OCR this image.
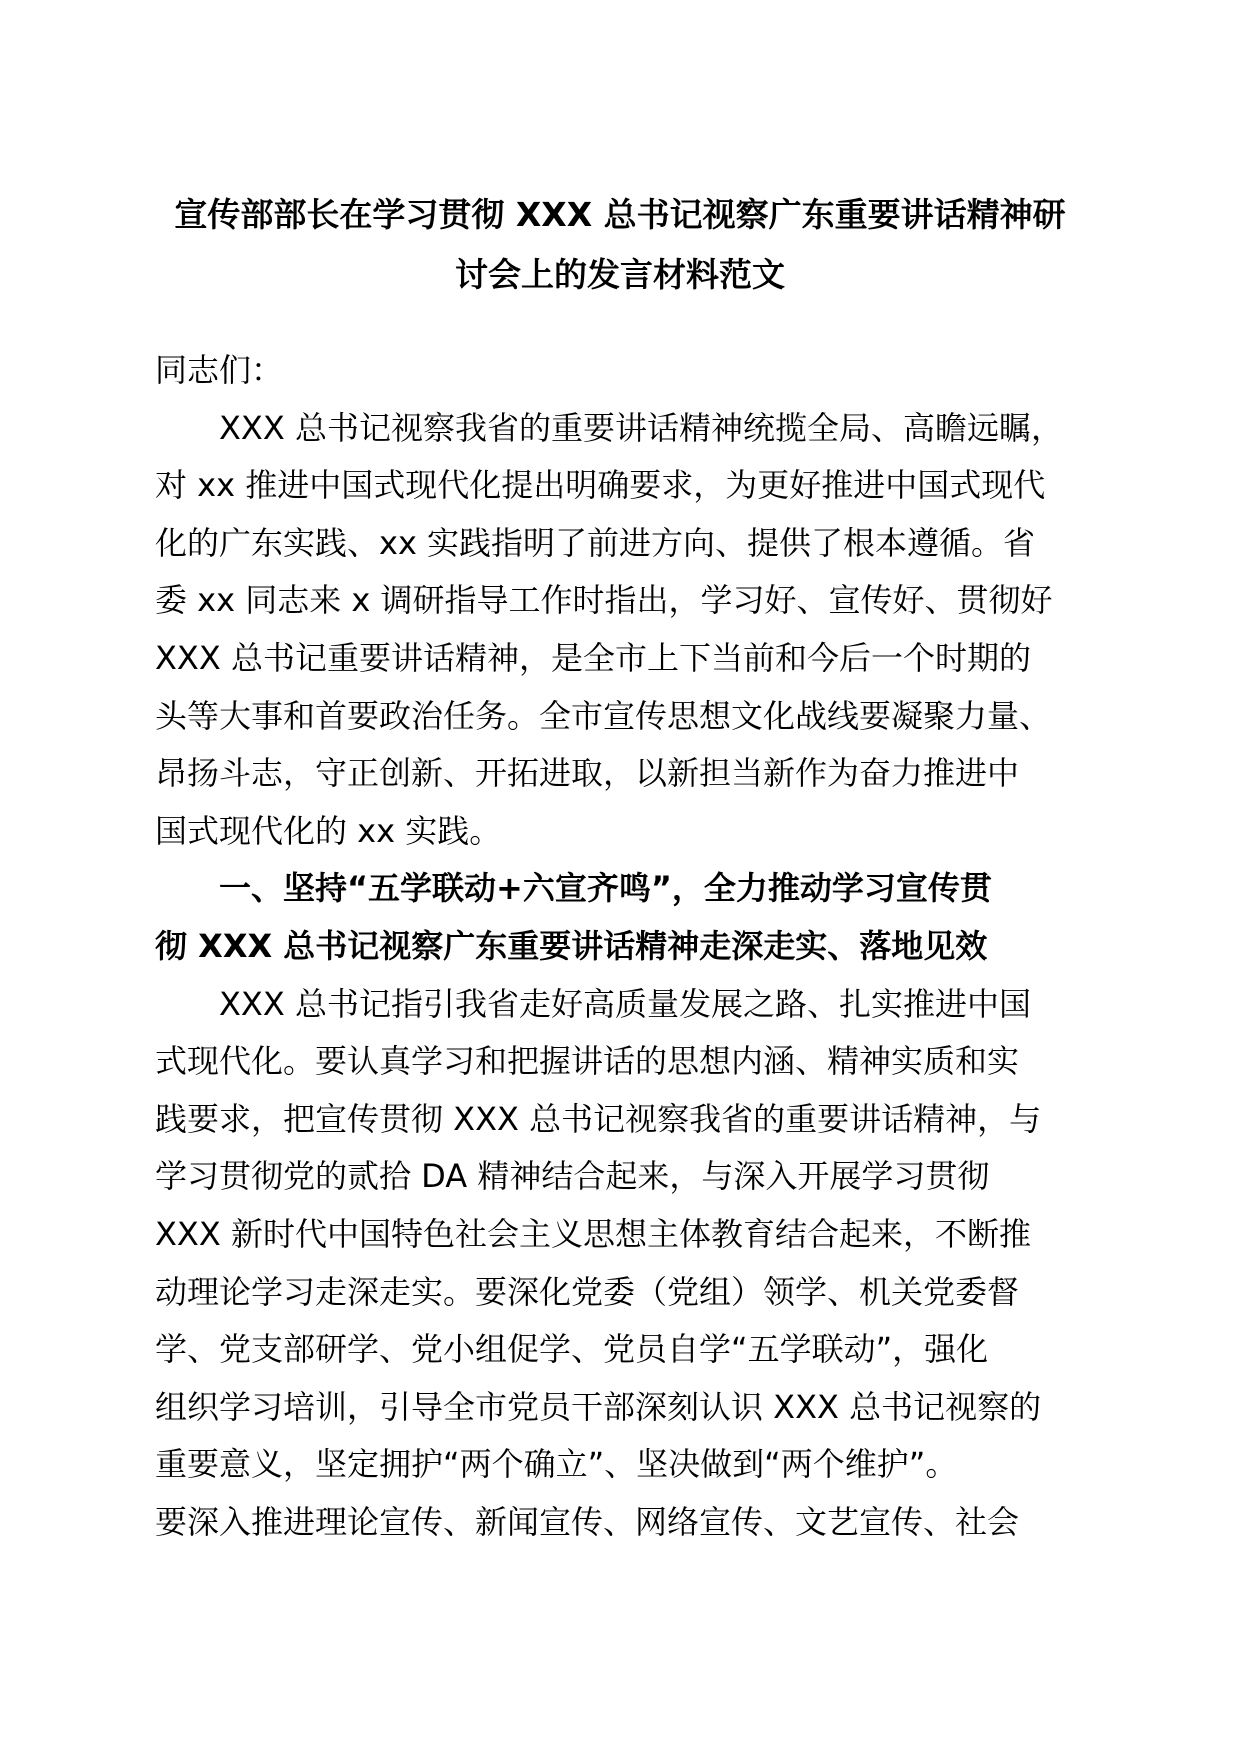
宣传部部长在学习贯彻 XXX 总书记视察广东重要讲话精神研
讨会上的发言材料范文
同志们：
XXX 总书记视察我省的重要讲话精神统揽全局、高瞻远瞩，
对 xx 推进中国式现代化提出明确要求，为更好推进中国式现代
化的广东实践、xx 实践指明了前进方向、提供了根本遵循。省
委 xx 同志来 x 调研指导工作时指出，学习好、宣传好、贯彻好
XXX 总书记重要讲话精神，是全市上下当前和今后一个时期的
头等大事和首要政治任务。全市宣传思想文化战线要凝聚力量、
昂扬斗志，守正创新、开拓进取，以新担当新作为奋力推进中
国式现代化的 xx 实践。
一、坚持“五学联动+六宣齐鸣”，全力推动学习宣传贯
彻 XXX 总书记视察广东重要讲话精神走深走实、落地见效
XXX 总书记指引我省走好高质量发展之路、扎实推进中国
式现代化。要认真学习和把握讲话的思想内涵、精神实质和实
践要求，把宣传贯彻 XXX 总书记视察我省的重要讲话精神，与
学习贯彻党的贰拾 DA 精神结合起来，与深入开展学习贯彻
XXX 新时代中国特色社会主义思想主体教育结合起来，不断推
动理论学习走深走实。要深化党委（党组）领学、机关党委督
学、党支部研学、党小组促学、党员自学“五学联动”，强化
组织学习培训，引导全市党员干部深刻认识 XXX 总书记视察的
重要意义，坚定拥护“两个确立”、坚决做到“两个维护”。
要深入推进理论宣传、新闻宣传、网络宣传、文艺宣传、社会
